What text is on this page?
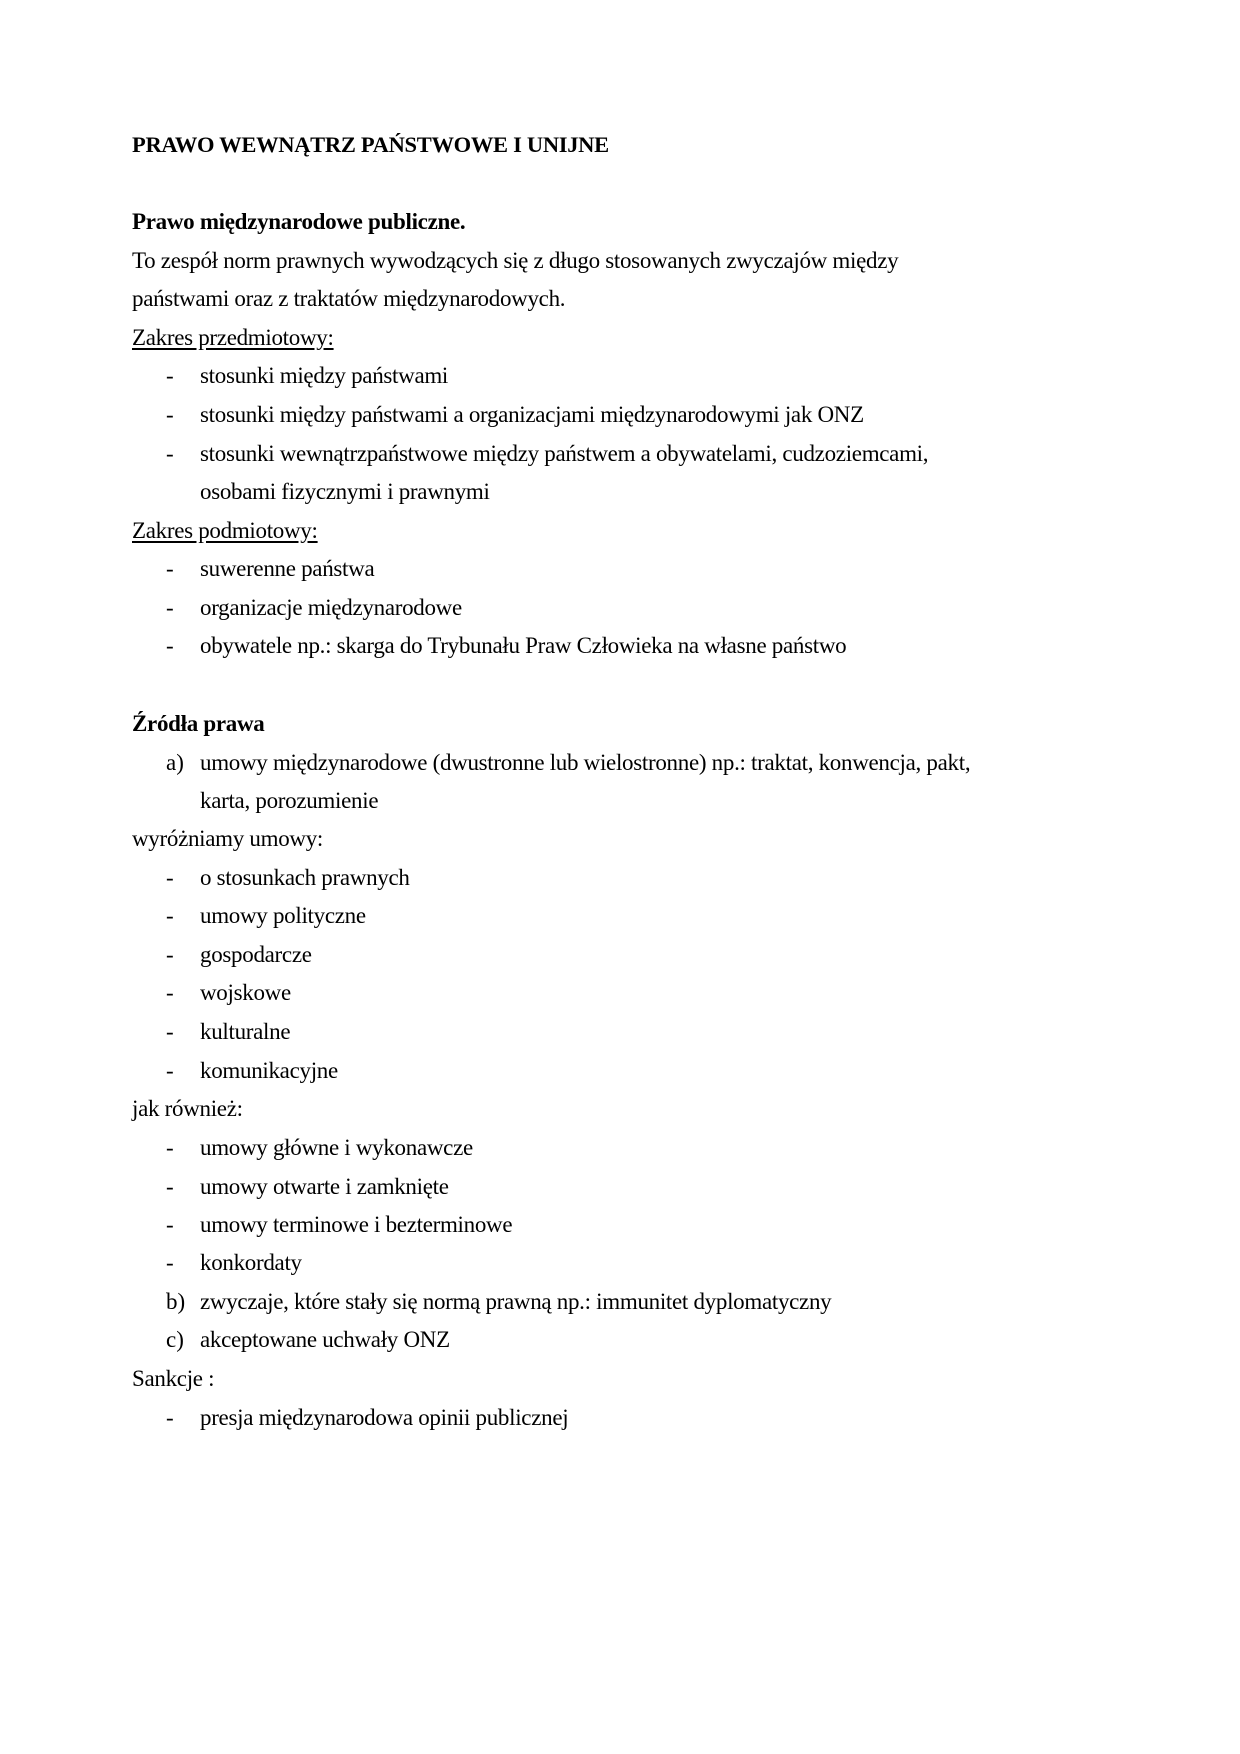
PRAWO WEWNĄTRZ PAŃSTWOWE I UNIJNE
Prawo międzynarodowe publiczne.
To zespół norm prawnych wywodzących się z długo stosowanych zwyczajów między
państwami oraz z traktatów międzynarodowych.
Zakres przedmiotowy:
- stosunki między państwami
- stosunki między państwami a organizacjami międzynarodowymi jak ONZ
- stosunki wewnątrzpaństwowe między państwem a obywatelami, cudzoziemcami,
osobami fizycznymi i prawnymi
Zakres podmiotowy:
- suwerenne państwa
- organizacje międzynarodowe
- obywatele np.: skarga do Trybunału Praw Człowieka na własne państwo
Źródła prawa
a) umowy międzynarodowe (dwustronne lub wielostronne) np.: traktat, konwencja, pakt,
karta, porozumienie
wyróżniamy umowy:
- o stosunkach prawnych
- umowy polityczne
- gospodarcze
- wojskowe
- kulturalne
- komunikacyjne
jak również:
- umowy główne i wykonawcze
- umowy otwarte i zamknięte
- umowy terminowe i bezterminowe
- konkordaty
b) zwyczaje, które stały się normą prawną np.: immunitet dyplomatyczny
c) akceptowane uchwały ONZ
Sankcje :
- presja międzynarodowa opinii publicznej
